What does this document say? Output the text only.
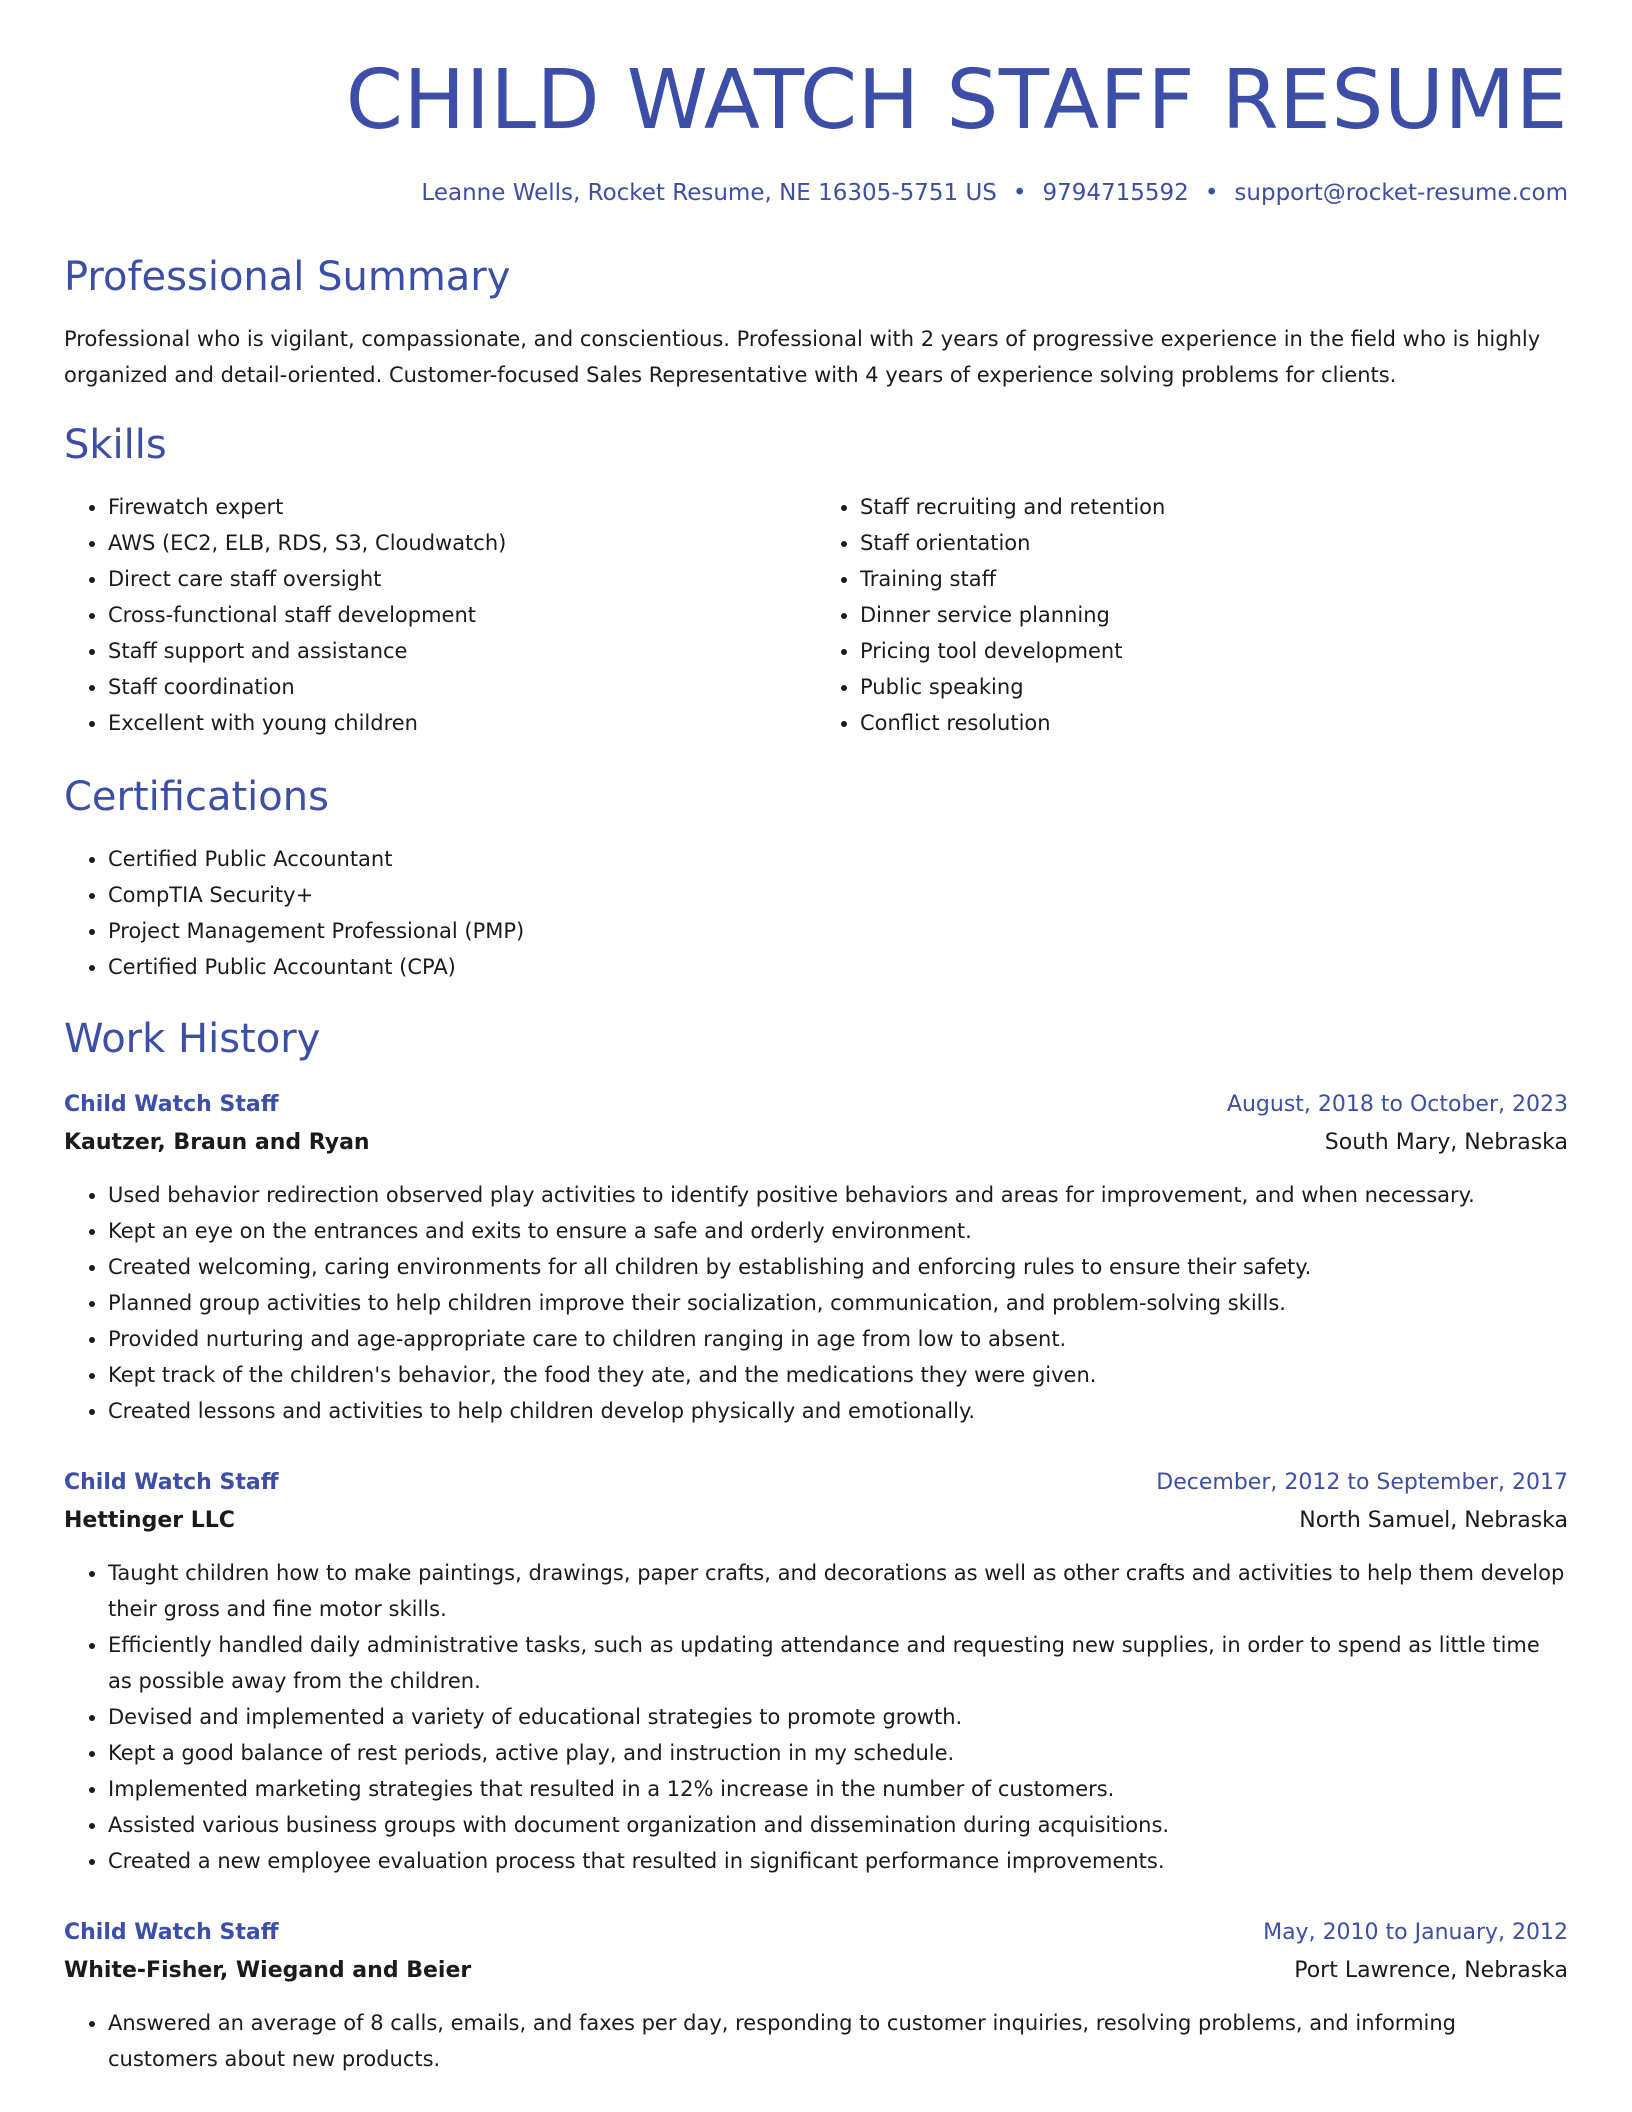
CHILD WATCH STAFF RESUME
Leanne Wells, Rocket Resume, NE 16305-5751 US • 9794715592 • support@rocket-resume.com
Professional Summary
Professional who is vigilant, compassionate, and conscientious. Professional with 2 years of progressive experience in the field who is highly organized and detail-oriented. Customer-focused Sales Representative with 4 years of experience solving problems for clients.
Skills
• Firewatch expert
• AWS (EC2, ELB, RDS, S3, Cloudwatch)
• Direct care staff oversight
• Cross-functional staff development
• Staff support and assistance
• Staff coordination
• Excellent with young children
• Staff recruiting and retention
• Staff orientation
• Training staff
• Dinner service planning
• Pricing tool development
• Public speaking
• Conflict resolution
Certifications
• Certified Public Accountant
• CompTIA Security+
• Project Management Professional (PMP)
• Certified Public Accountant (CPA)
Work History
Child Watch Staff	August, 2018 to October, 2023
Kautzer, Braun and Ryan	South Mary, Nebraska
• Used behavior redirection observed play activities to identify positive behaviors and areas for improvement, and when necessary.
• Kept an eye on the entrances and exits to ensure a safe and orderly environment.
• Created welcoming, caring environments for all children by establishing and enforcing rules to ensure their safety.
• Planned group activities to help children improve their socialization, communication, and problem-solving skills.
• Provided nurturing and age-appropriate care to children ranging in age from low to absent.
• Kept track of the children's behavior, the food they ate, and the medications they were given.
• Created lessons and activities to help children develop physically and emotionally.
Child Watch Staff	December, 2012 to September, 2017
Hettinger LLC	North Samuel, Nebraska
• Taught children how to make paintings, drawings, paper crafts, and decorations as well as other crafts and activities to help them develop their gross and fine motor skills.
• Efficiently handled daily administrative tasks, such as updating attendance and requesting new supplies, in order to spend as little time as possible away from the children.
• Devised and implemented a variety of educational strategies to promote growth.
• Kept a good balance of rest periods, active play, and instruction in my schedule.
• Implemented marketing strategies that resulted in a 12% increase in the number of customers.
• Assisted various business groups with document organization and dissemination during acquisitions.
• Created a new employee evaluation process that resulted in significant performance improvements.
Child Watch Staff	May, 2010 to January, 2012
White-Fisher, Wiegand and Beier	Port Lawrence, Nebraska
• Answered an average of 8 calls, emails, and faxes per day, responding to customer inquiries, resolving problems, and informing customers about new products.
